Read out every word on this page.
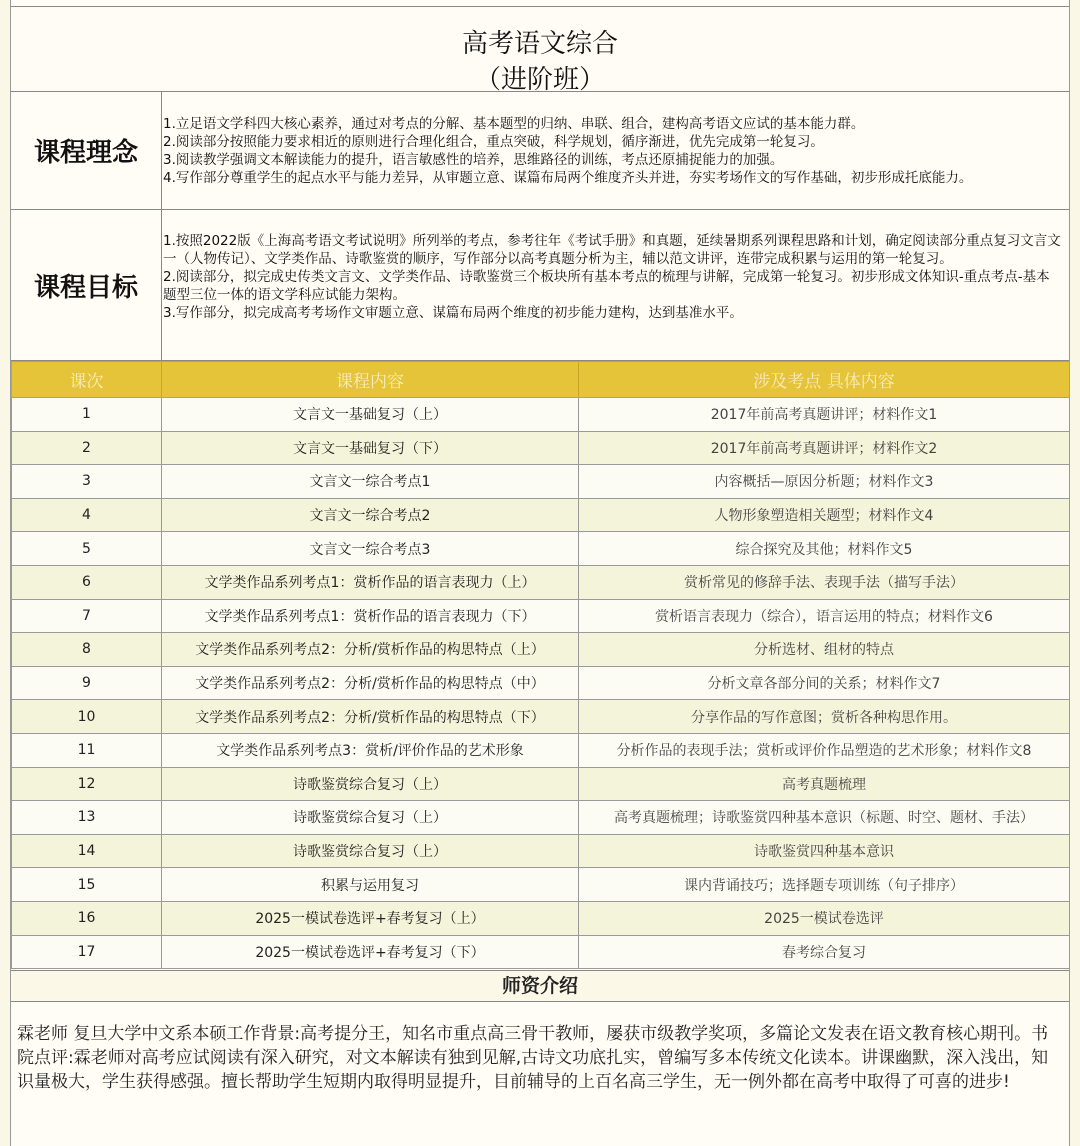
高考语文综合
（进阶班）
课程理念
1.立足语文学科四大核心素养，通过对考点的分解、基本题型的归纳、串联、组合，建构高考语文应试的基本能力群。
2.阅读部分按照能力要求相近的原则进行合理化组合，重点突破，科学规划，循序渐进，优先完成第一轮复习。
3.阅读教学强调文本解读能力的提升，语言敏感性的培养，思维路径的训练，考点还原捕捉能力的加强。
4.写作部分尊重学生的起点水平与能力差异，从审题立意、谋篇布局两个维度齐头并进，夯实考场作文的写作基础，初步形成托底能力。
课程目标
1.按照2022版《上海高考语文考试说明》所列举的考点，参考往年《考试手册》和真题，延续暑期系列课程思路和计划，确定阅读部分重点复习文言文一（人物传记）、文学类作品、诗歌鉴赏的顺序，写作部分以高考真题分析为主，辅以范文讲评，连带完成积累与运用的第一轮复习。
2.阅读部分，拟完成史传类文言文、文学类作品、诗歌鉴赏三个板块所有基本考点的梳理与讲解，完成第一轮复习。初步形成文体知识-重点考点-基本题型三位一体的语文学科应试能力架构。
3.写作部分，拟完成高考考场作文审题立意、谋篇布局两个维度的初步能力建构，达到基准水平。
课次	课程内容	涉及考点 具体内容
1	文言文一基础复习（上）	2017年前高考真题讲评；材料作文1
2	文言文一基础复习（下）	2017年前高考真题讲评；材料作文2
3	文言文一综合考点1	内容概括—原因分析题；材料作文3
4	文言文一综合考点2	人物形象塑造相关题型；材料作文4
5	文言文一综合考点3	综合探究及其他；材料作文5
6	文学类作品系列考点1：赏析作品的语言表现力（上）	赏析常见的修辞手法、表现手法（描写手法）
7	文学类作品系列考点1：赏析作品的语言表现力（下）	赏析语言表现力（综合），语言运用的特点；材料作文6
8	文学类作品系列考点2：分析/赏析作品的构思特点（上）	分析选材、组材的特点
9	文学类作品系列考点2：分析/赏析作品的构思特点（中）	分析文章各部分间的关系；材料作文7
10	文学类作品系列考点2：分析/赏析作品的构思特点（下）	分享作品的写作意图；赏析各种构思作用。
11	文学类作品系列考点3：赏析/评价作品的艺术形象	分析作品的表现手法；赏析或评价作品塑造的艺术形象；材料作文8
12	诗歌鉴赏综合复习（上）	高考真题梳理
13	诗歌鉴赏综合复习（上）	高考真题梳理；诗歌鉴赏四种基本意识（标题、时空、题材、手法）
14	诗歌鉴赏综合复习（上）	诗歌鉴赏四种基本意识
15	积累与运用复习	课内背诵技巧；选择题专项训练（句子排序）
16	2025一模试卷选评+春考复习（上）	2025一模试卷选评
17	2025一模试卷选评+春考复习（下）	春考综合复习
师资介绍
霖老师 复旦大学中文系本硕工作背景:高考提分王，知名市重点高三骨干教师，屡获市级教学奖项，多篇论文发表在语文教育核心期刊。书院点评:霖老师对高考应试阅读有深入研究，对文本解读有独到见解,古诗文功底扎实，曾编写多本传统文化读本。讲课幽默，深入浅出，知识量极大，学生获得感强。擅长帮助学生短期内取得明显提升，目前辅导的上百名高三学生，无一例外都在高考中取得了可喜的进步!
